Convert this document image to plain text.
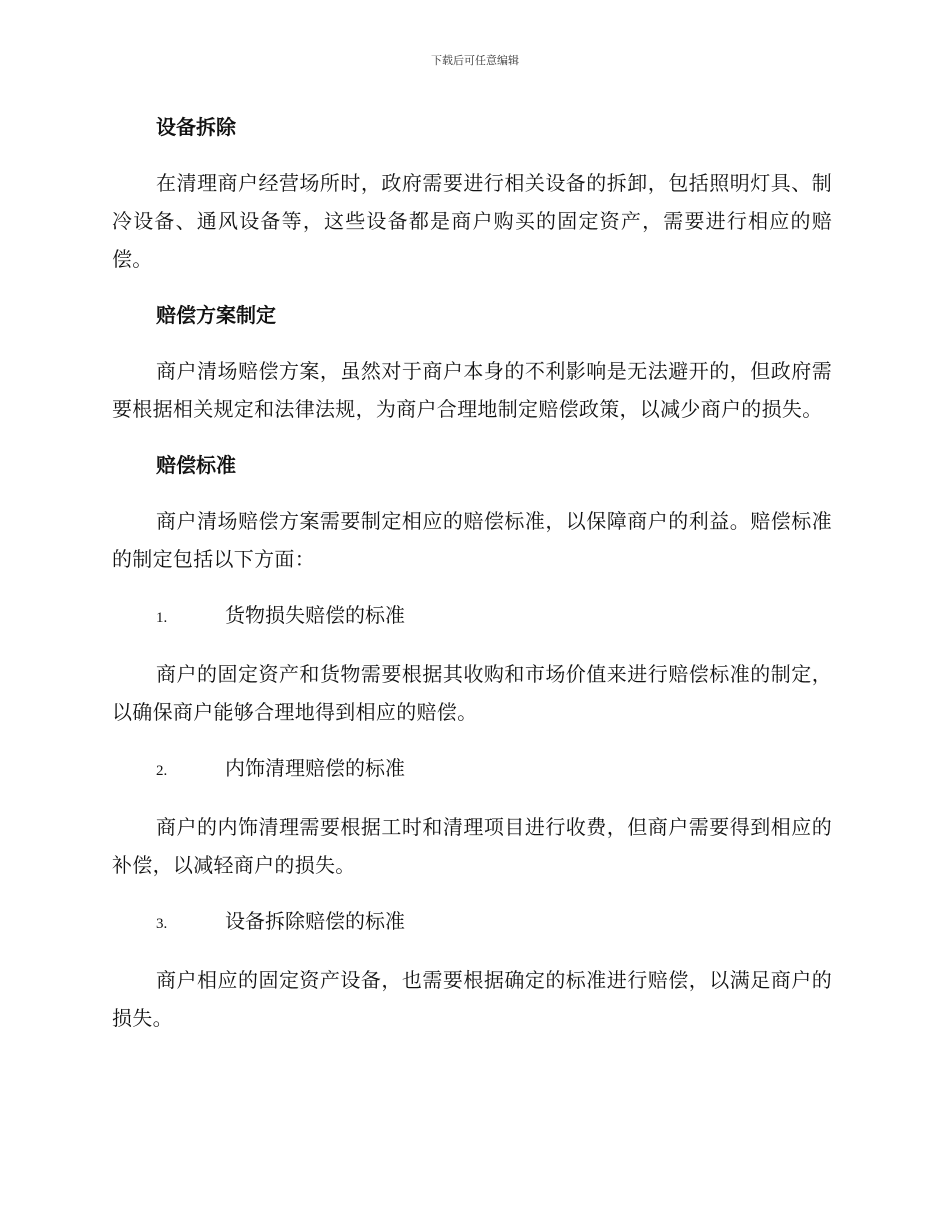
下载后可任意编辑
设备拆除

在清理商户经营场所时，政府需要进行相关设备的拆卸，包括照明灯具、制冷设备、通风设备等，这些设备都是商户购买的固定资产，需要进行相应的赔偿。

赔偿方案制定

商户清场赔偿方案，虽然对于商户本身的不利影响是无法避开的，但政府需要根据相关规定和法律法规，为商户合理地制定赔偿政策，以减少商户的损失。

赔偿标准

商户清场赔偿方案需要制定相应的赔偿标准，以保障商户的利益。赔偿标准的制定包括以下方面：

1.	货物损失赔偿的标准

商户的固定资产和货物需要根据其收购和市场价值来进行赔偿标准的制定，以确保商户能够合理地得到相应的赔偿。

2.	内饰清理赔偿的标准

商户的内饰清理需要根据工时和清理项目进行收费，但商户需要得到相应的补偿，以减轻商户的损失。

3.	设备拆除赔偿的标准

商户相应的固定资产设备，也需要根据确定的标准进行赔偿，以满足商户的损失。
